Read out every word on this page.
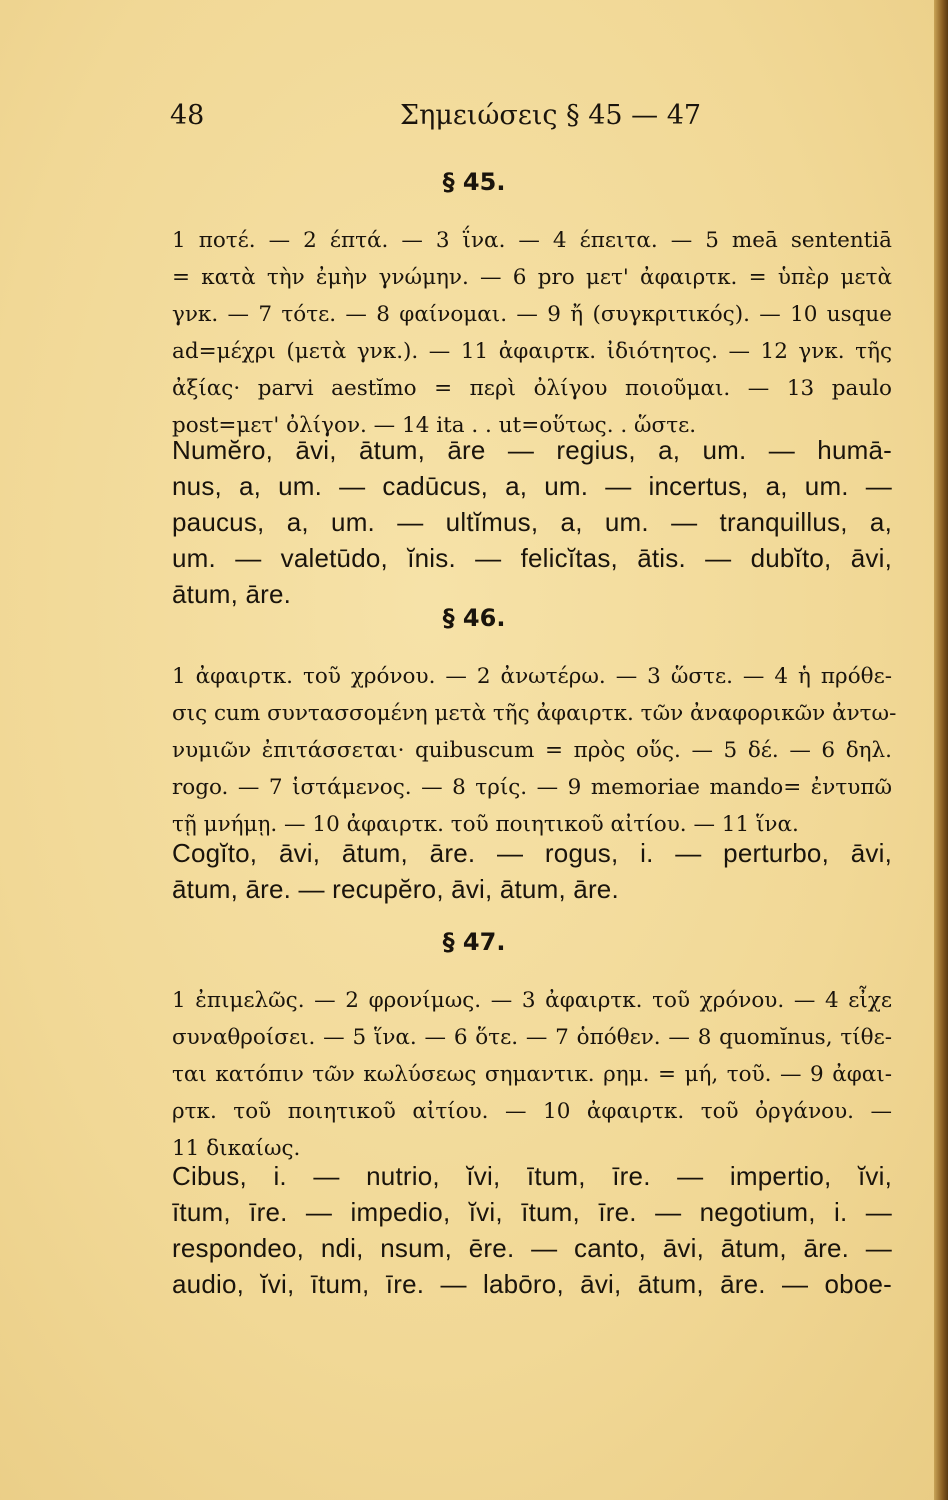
48	Σημειώσεις § 45 — 47
§ 45.
1 ποτέ. — 2 έπτά. — 3 ΐνα. — 4 έπειτα. — 5 meā sententiā
= κατὰ τὴν ἐμὴν γνώμην. — 6 pro μετ' ἀφαιρτκ. = ὑπὲρ μετὰ
γνκ. — 7 τότε. — 8 φαίνομαι. — 9 ἤ (συγκριτικός). — 10 usque
ad=μέχρι (μετὰ γνκ.). — 11 ἀφαιρτκ. ἰδιότητος. — 12 γνκ. τῆς
ἀξίας· parvi aestĭmo = περὶ ὀλίγου ποιοῦμαι. — 13 paulo
post=μετ' ὀλίγον. — 14 ita . . ut=οὕτως. . ὥστε.
Numĕro, āvi, ātum, āre — regius, a, um. — humā-
nus, a, um. — cadūcus, a, um. — incertus, a, um. —
paucus, a, um. — ultĭmus, a, um. — tranquillus, a,
um. — valetūdo, ĭnis. — felicĭtas, ātis. — dubĭto, āvi,
ātum, āre.
§ 46.
1 ἀφαιρτκ. τοῦ χρόνου. — 2 ἀνωτέρω. — 3 ὥστε. — 4 ἡ πρόθε-
σις cum συντασσομένη μετὰ τῆς ἀφαιρτκ. τῶν ἀναφορικῶν ἀντω-
νυμιῶν ἐπιτάσσεται· quibuscum = πρὸς οὕς. — 5 δέ. — 6 δηλ.
rogo. — 7 ἱστάμενος. — 8 τρίς. — 9 memoriae mando= ἐντυπῶ
τῇ μνήμῃ. — 10 ἀφαιρτκ. τοῦ ποιητικοῦ αἰτίου. — 11 ἵνα.
Cogĭto, āvi, ātum, āre. — rogus, i. — perturbo, āvi,
ātum, āre. — recupĕro, āvi, ātum, āre.
§ 47.
1 ἐπιμελῶς. — 2 φρονίμως. — 3 ἀφαιρτκ. τοῦ χρόνου. — 4 εἶχε
συναθροίσει. — 5 ἵνα. — 6 ὅτε. — 7 ὁπόθεν. — 8 quomĭnus, τίθε-
ται κατόπιν τῶν κωλύσεως σημαντικ. ρημ. = μή, τοῦ. — 9 ἀφαι-
ρτκ. τοῦ ποιητικοῦ αἰτίου. — 10 ἀφαιρτκ. τοῦ ὀργάνου. —
11 δικαίως.
Cibus, i. — nutrio, ĭvi, ītum, īre. — impertio, ĭvi,
ītum, īre. — impedio, ĭvi, ītum, īre. — negotium, i. —
respondeo, ndi, nsum, ēre. — canto, āvi, ātum, āre. —
audio, ĭvi, ītum, īre. — labōro, āvi, ātum, āre. — oboe-
